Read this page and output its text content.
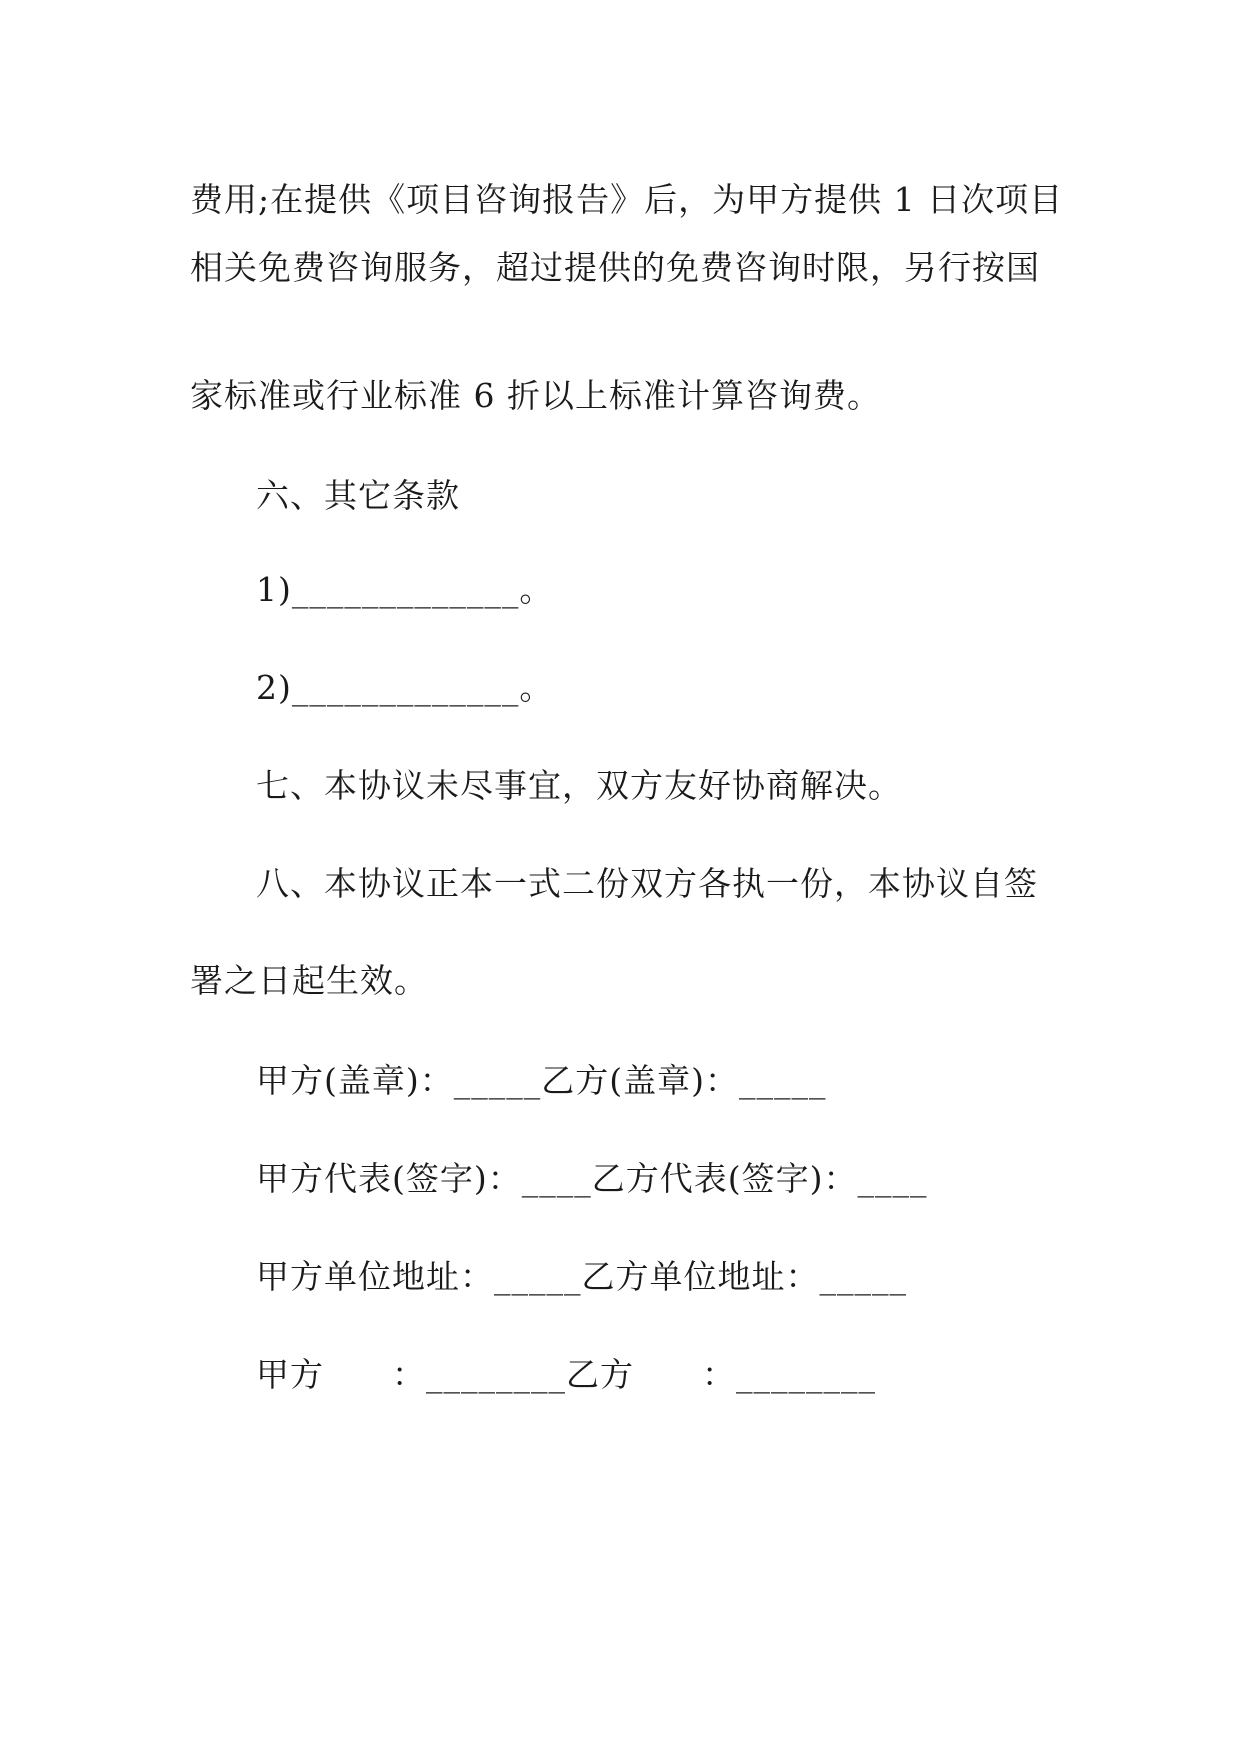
费用;在提供《项目咨询报告》后，为甲方提供 1 日次项目
相关免费咨询服务，超过提供的免费咨询时限，另行按国
家标准或行业标准 6 折以上标准计算咨询费。
六、其它条款
1)_____________。
2)_____________。
七、本协议未尽事宜，双方友好协商解决。
八、本协议正本一式二份双方各执一份，本协议自签
署之日起生效。
甲方(盖章)：_____乙方(盖章)：_____
甲方代表(签字)：____乙方代表(签字)：____
甲方单位地址：_____乙方单位地址：_____
甲方　　：________乙方　　：________
